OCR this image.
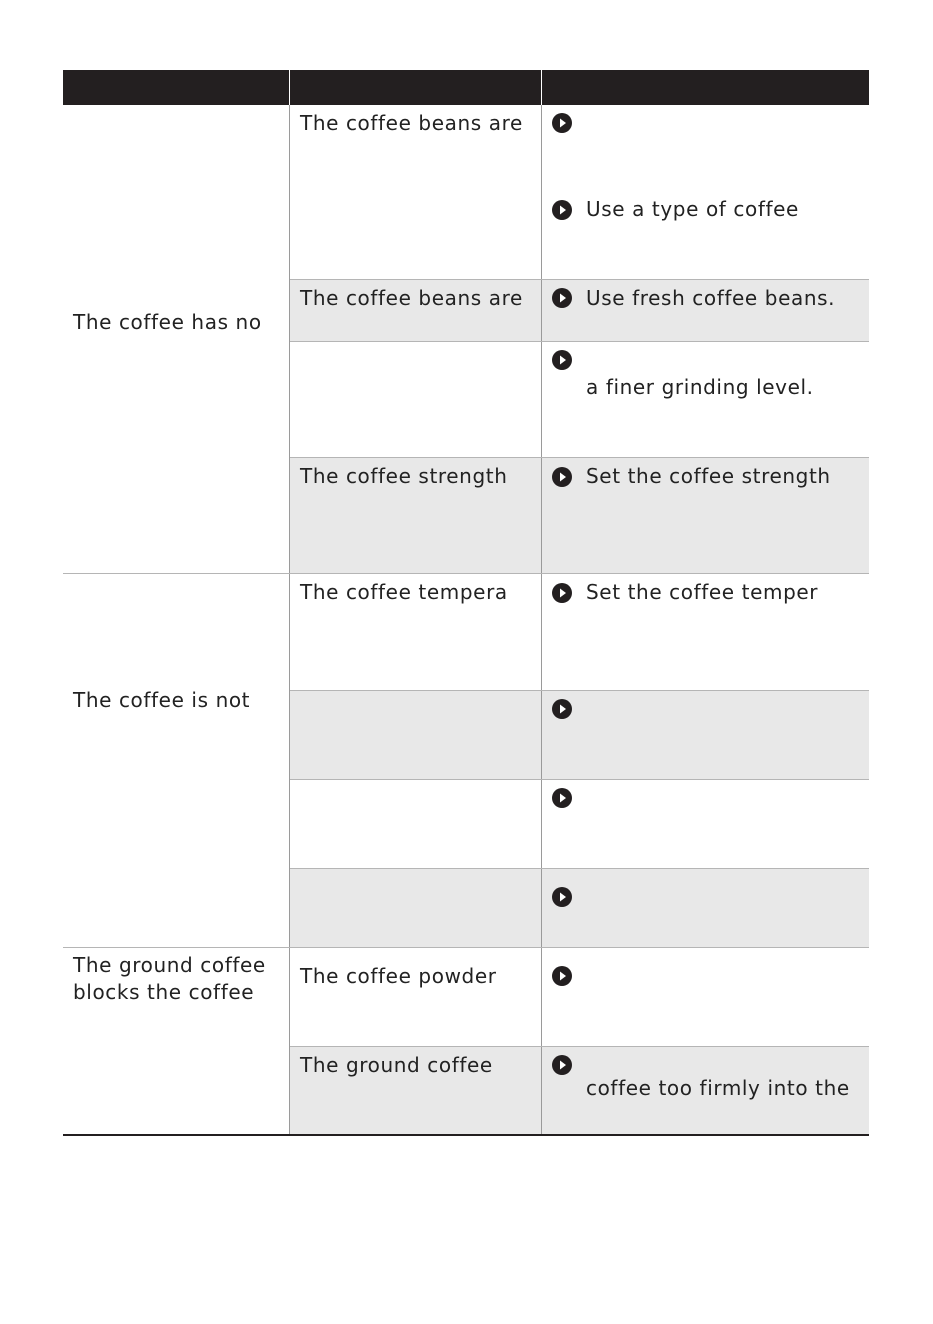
The coffee has no
The coffee is not
The ground coffee
blocks the coffee
The coffee beans are
The coffee beans are
The coffee strength
The coffee tempera
The coffee powder
The ground coffee
Use a type of coffee
Use fresh coffee beans.
a finer grinding level.
Set the coffee strength
Set the coffee temper
coffee too firmly into the
